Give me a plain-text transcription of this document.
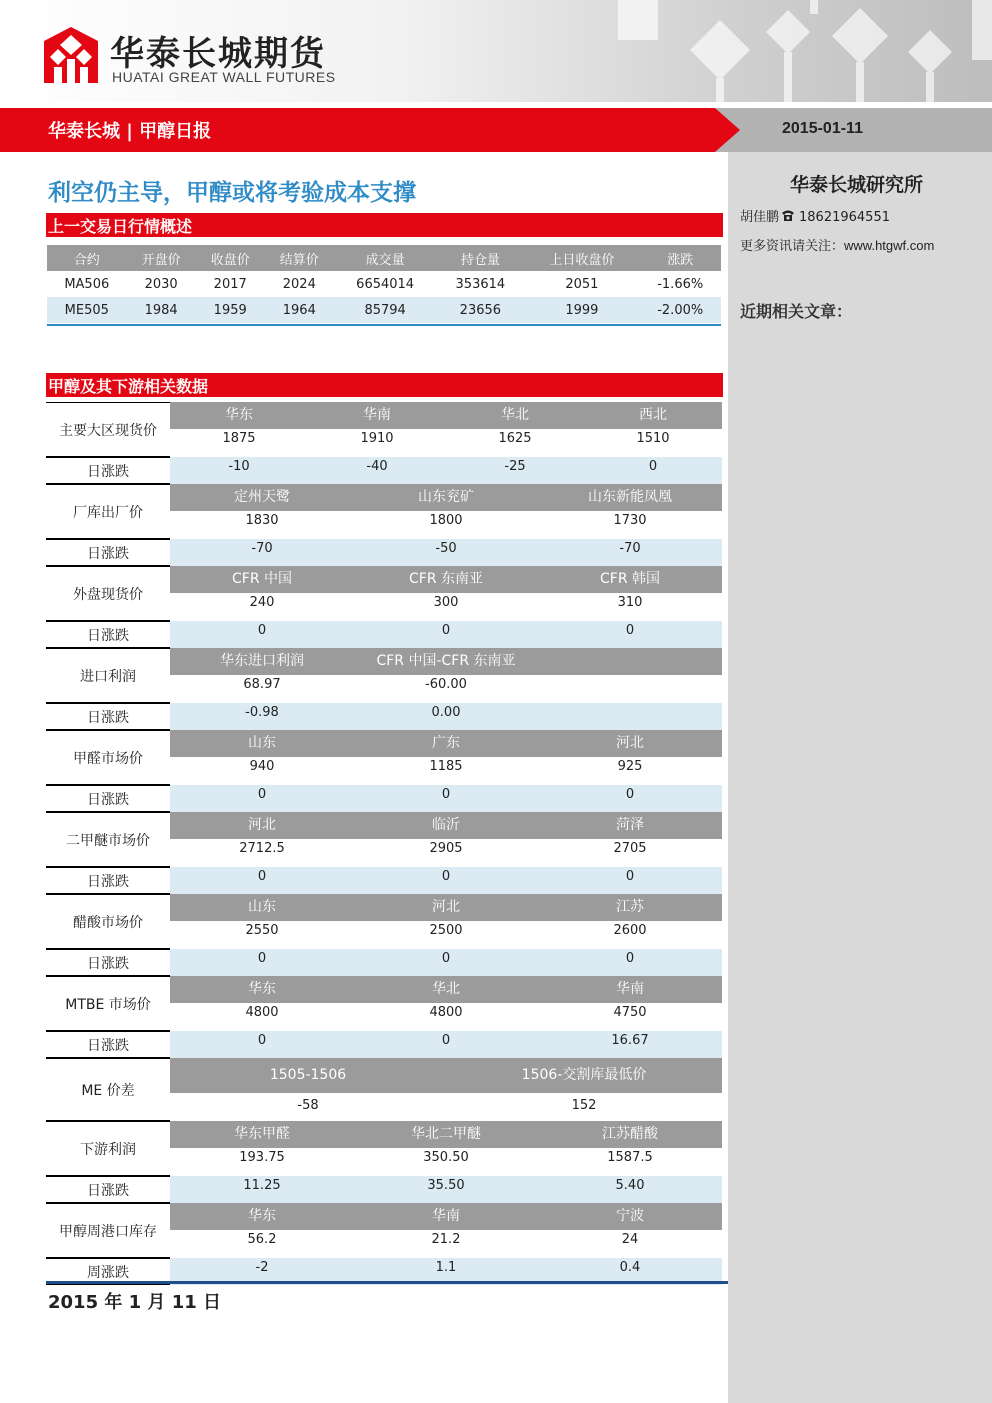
华泰长城期货
HUATAI GREAT WALL FUTURES
华泰长城 | 甲醇日报	2015-01-11
华泰长城研究所
胡佳鹏 18621964551
更多资讯请关注：www.htgwf.com
近期相关文章：
利空仍主导，甲醇或将考验成本支撑
上一交易日行情概述
合约	开盘价	收盘价	结算价	成交量	持仓量	上日收盘价	涨跌
MA506	2030	2017	2024	6654014	353614	2051	-1.66%
ME505	1984	1959	1964	85794	23656	1999	-2.00%
甲醇及其下游相关数据
主要大区现货价
华东	华南	华北	西北
1875	1910	1625	1510
日涨跌	-10	-40	-25	0
厂库出厂价
定州天鹭	山东兖矿	山东新能凤凰
1830	1800	1730
日涨跌	-70	-50	-70
外盘现货价
CFR 中国	CFR 东南亚	CFR 韩国
240	300	310
日涨跌	0	0	0
进口利润
华东进口利润	CFR 中国-CFR 东南亚
68.97	-60.00
日涨跌	-0.98	0.00
甲醛市场价
山东	广东	河北
940	1185	925
日涨跌	0	0	0
二甲醚市场价
河北	临沂	菏泽
2712.5	2905	2705
日涨跌	0	0	0
醋酸市场价
山东	河北	江苏
2550	2500	2600
日涨跌	0	0	0
MTBE 市场价
华东	华北	华南
4800	4800	4750
日涨跌	0	0	16.67
ME 价差
1505-1506	1506-交割库最低价
-58	152
下游利润
华东甲醛	华北二甲醚	江苏醋酸
193.75	350.50	1587.5
日涨跌	11.25	35.50	5.40
甲醇周港口库存
华东	华南	宁波
56.2	21.2	24
周涨跌	-2	1.1	0.4
2015 年 1 月 11 日
